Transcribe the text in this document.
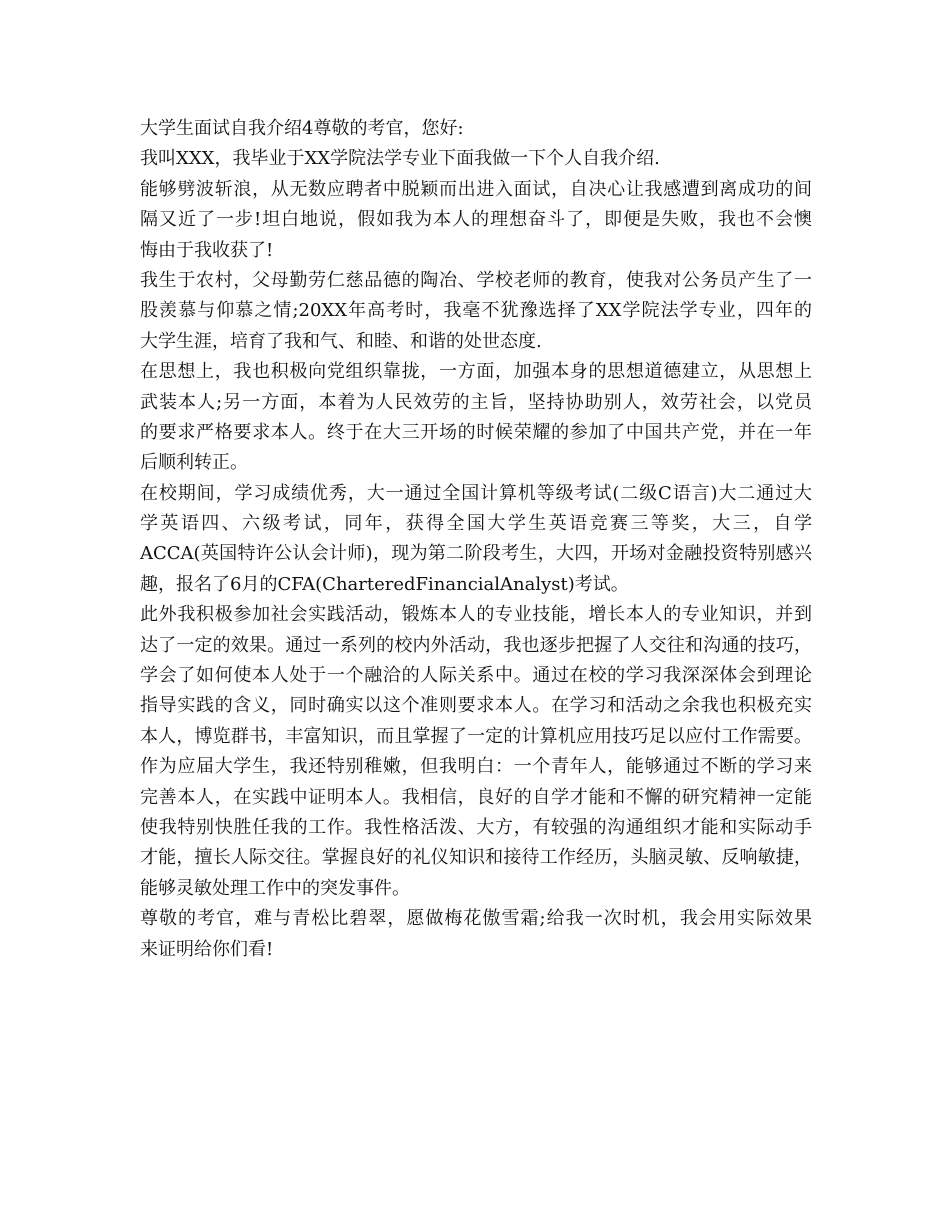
大学生面试自我介绍4尊敬的考官，您好:
我叫XXX，我毕业于XX学院法学专业下面我做一下个人自我介绍.
能够劈波斩浪，从无数应聘者中脱颖而出进入面试，自决心让我感遭到离成功的间
隔又近了一步!坦白地说，假如我为本人的理想奋斗了，即便是失败，我也不会懊
悔由于我收获了!
我生于农村，父母勤劳仁慈品德的陶冶、学校老师的教育，使我对公务员产生了一
股羡慕与仰慕之情;20XX年高考时，我毫不犹豫选择了XX学院法学专业，四年的
大学生涯，培育了我和气、和睦、和谐的处世态度.
在思想上，我也积极向党组织靠拢，一方面，加强本身的思想道德建立，从思想上
武装本人;另一方面，本着为人民效劳的主旨，坚持协助别人，效劳社会，以党员
的要求严格要求本人。终于在大三开场的时候荣耀的参加了中国共产党，并在一年
后顺利转正。
在校期间，学习成绩优秀，大一通过全国计算机等级考试(二级C语言)大二通过大
学英语四、六级考试，同年，获得全国大学生英语竞赛三等奖，大三，自学
ACCA(英国特许公认会计师)，现为第二阶段考生，大四，开场对金融投资特别感兴
趣，报名了6月的CFA(CharteredFinancialAnalyst)考试。
此外我积极参加社会实践活动，锻炼本人的专业技能，增长本人的专业知识，并到
达了一定的效果。通过一系列的校内外活动，我也逐步把握了人交往和沟通的技巧，
学会了如何使本人处于一个融洽的人际关系中。通过在校的学习我深深体会到理论
指导实践的含义，同时确实以这个准则要求本人。在学习和活动之余我也积极充实
本人，博览群书，丰富知识，而且掌握了一定的计算机应用技巧足以应付工作需要。
作为应届大学生，我还特别稚嫩，但我明白：一个青年人，能够通过不断的学习来
完善本人，在实践中证明本人。我相信，良好的自学才能和不懈的研究精神一定能
使我特别快胜任我的工作。我性格活泼、大方，有较强的沟通组织才能和实际动手
才能，擅长人际交往。掌握良好的礼仪知识和接待工作经历，头脑灵敏、反响敏捷，
能够灵敏处理工作中的突发事件。
尊敬的考官，难与青松比碧翠，愿做梅花傲雪霜;给我一次时机，我会用实际效果
来证明给你们看!
